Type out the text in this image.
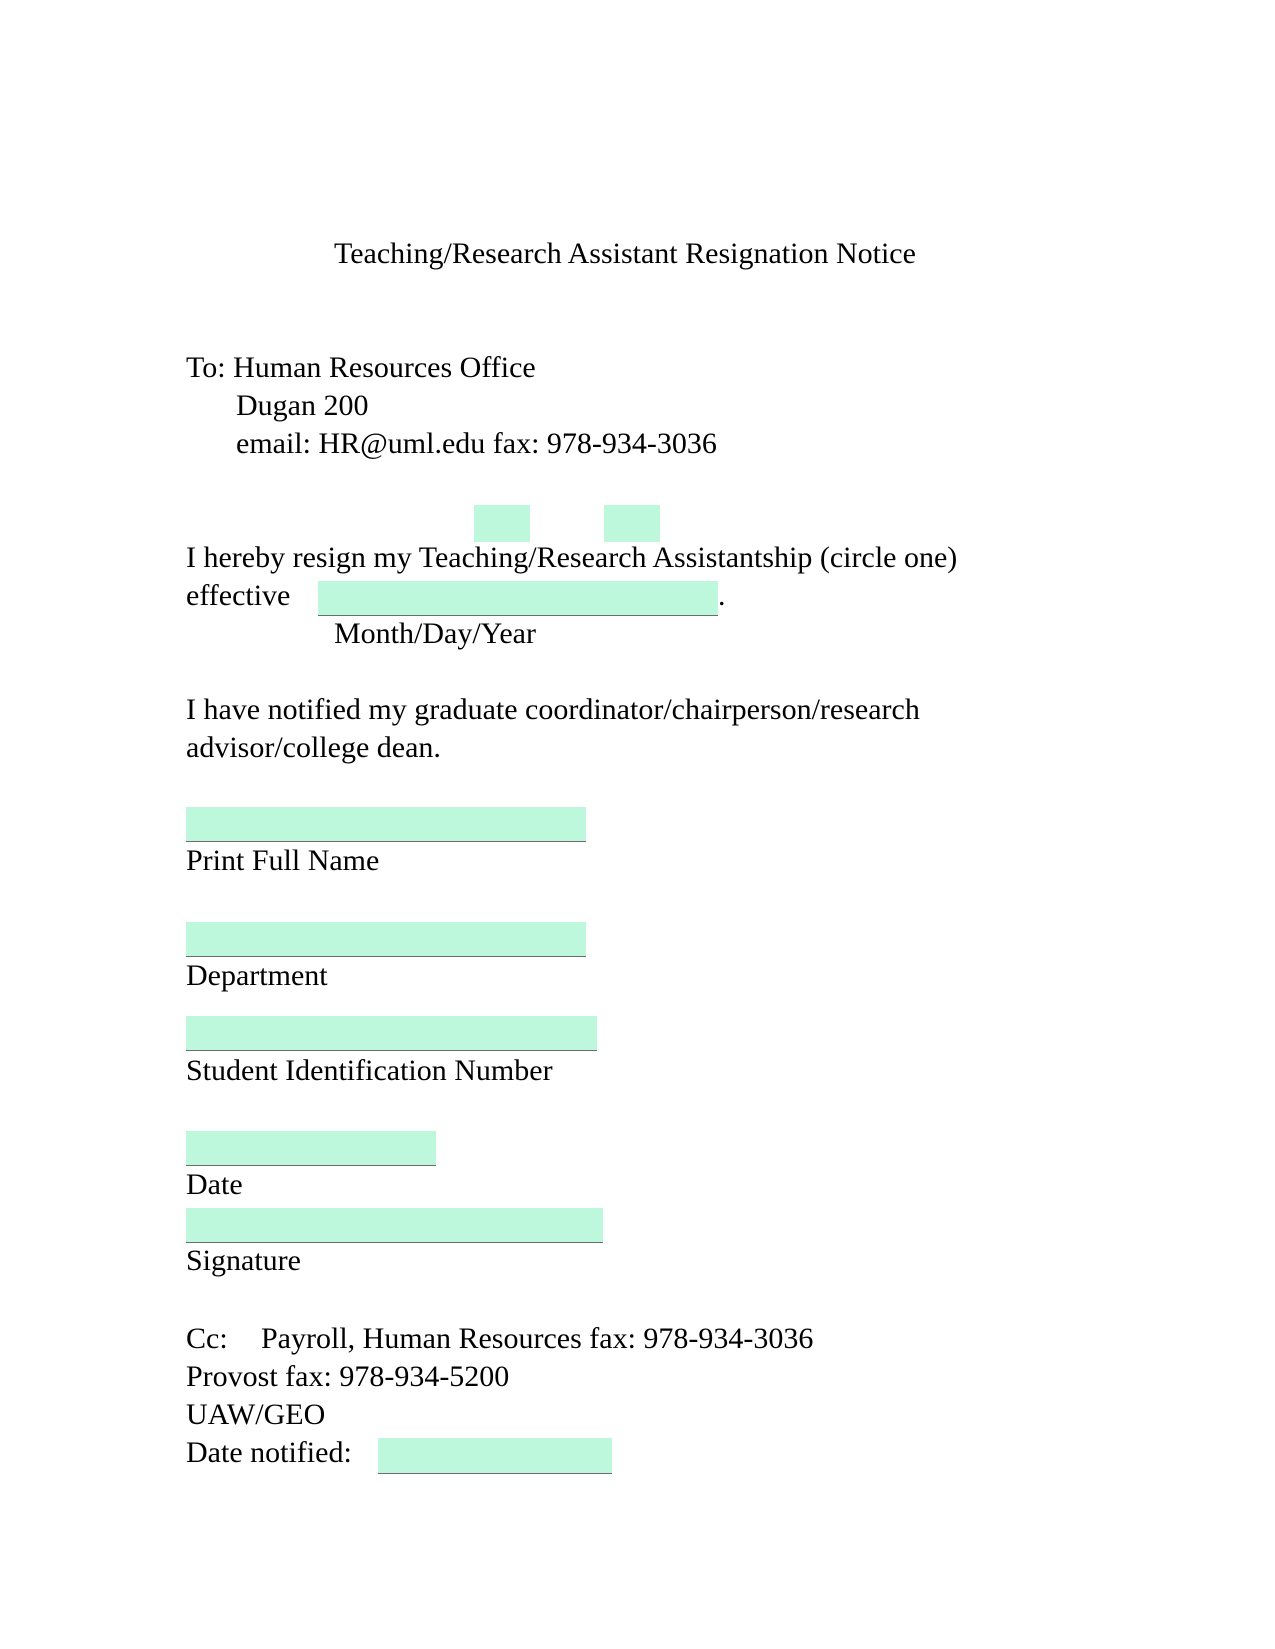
Teaching/Research Assistant Resignation Notice
To: Human Resources Office
Dugan 200
email: HR@uml.edu fax: 978-934-3036
I hereby resign my Teaching/Research Assistantship (circle one)
effective	.
Month/Day/Year
I have notified my graduate coordinator/chairperson/research
advisor/college dean.
Print Full Name
Department
Student Identification Number
Date
Signature
Cc: Payroll, Human Resources fax: 978-934-3036
Provost fax: 978-934-5200
UAW/GEO
Date notified:
